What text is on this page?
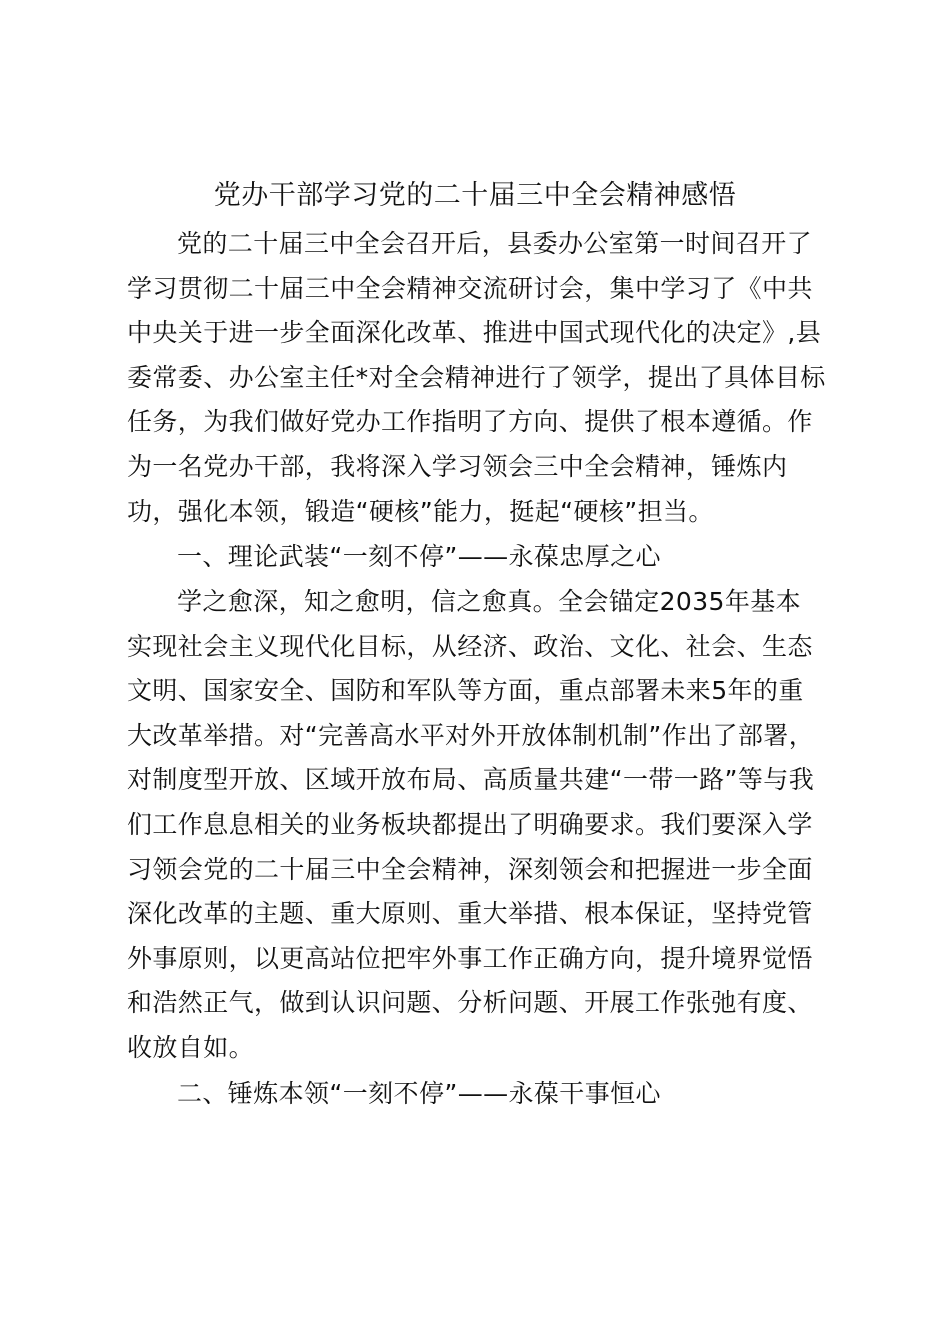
党办干部学习党的二十届三中全会精神感悟
党的二十届三中全会召开后，县委办公室第一时间召开了
学习贯彻二十届三中全会精神交流研讨会，集中学习了《中共
中央关于进一步全面深化改革、推进中国式现代化的决定》,县
委常委、办公室主任*对全会精神进行了领学，提出了具体目标
任务，为我们做好党办工作指明了方向、提供了根本遵循。作
为一名党办干部，我将深入学习领会三中全会精神，锤炼内
功，强化本领，锻造“硬核”能力，挺起“硬核”担当。
一、理论武装“一刻不停”——永葆忠厚之心
学之愈深，知之愈明，信之愈真。全会锚定2035年基本
实现社会主义现代化目标，从经济、政治、文化、社会、生态
文明、国家安全、国防和军队等方面，重点部署未来5年的重
大改革举措。对“完善高水平对外开放体制机制”作出了部署，
对制度型开放、区域开放布局、高质量共建“一带一路”等与我
们工作息息相关的业务板块都提出了明确要求。我们要深入学
习领会党的二十届三中全会精神，深刻领会和把握进一步全面
深化改革的主题、重大原则、重大举措、根本保证，坚持党管
外事原则，以更高站位把牢外事工作正确方向，提升境界觉悟
和浩然正气，做到认识问题、分析问题、开展工作张弛有度、
收放自如。
二、锤炼本领“一刻不停”——永葆干事恒心
